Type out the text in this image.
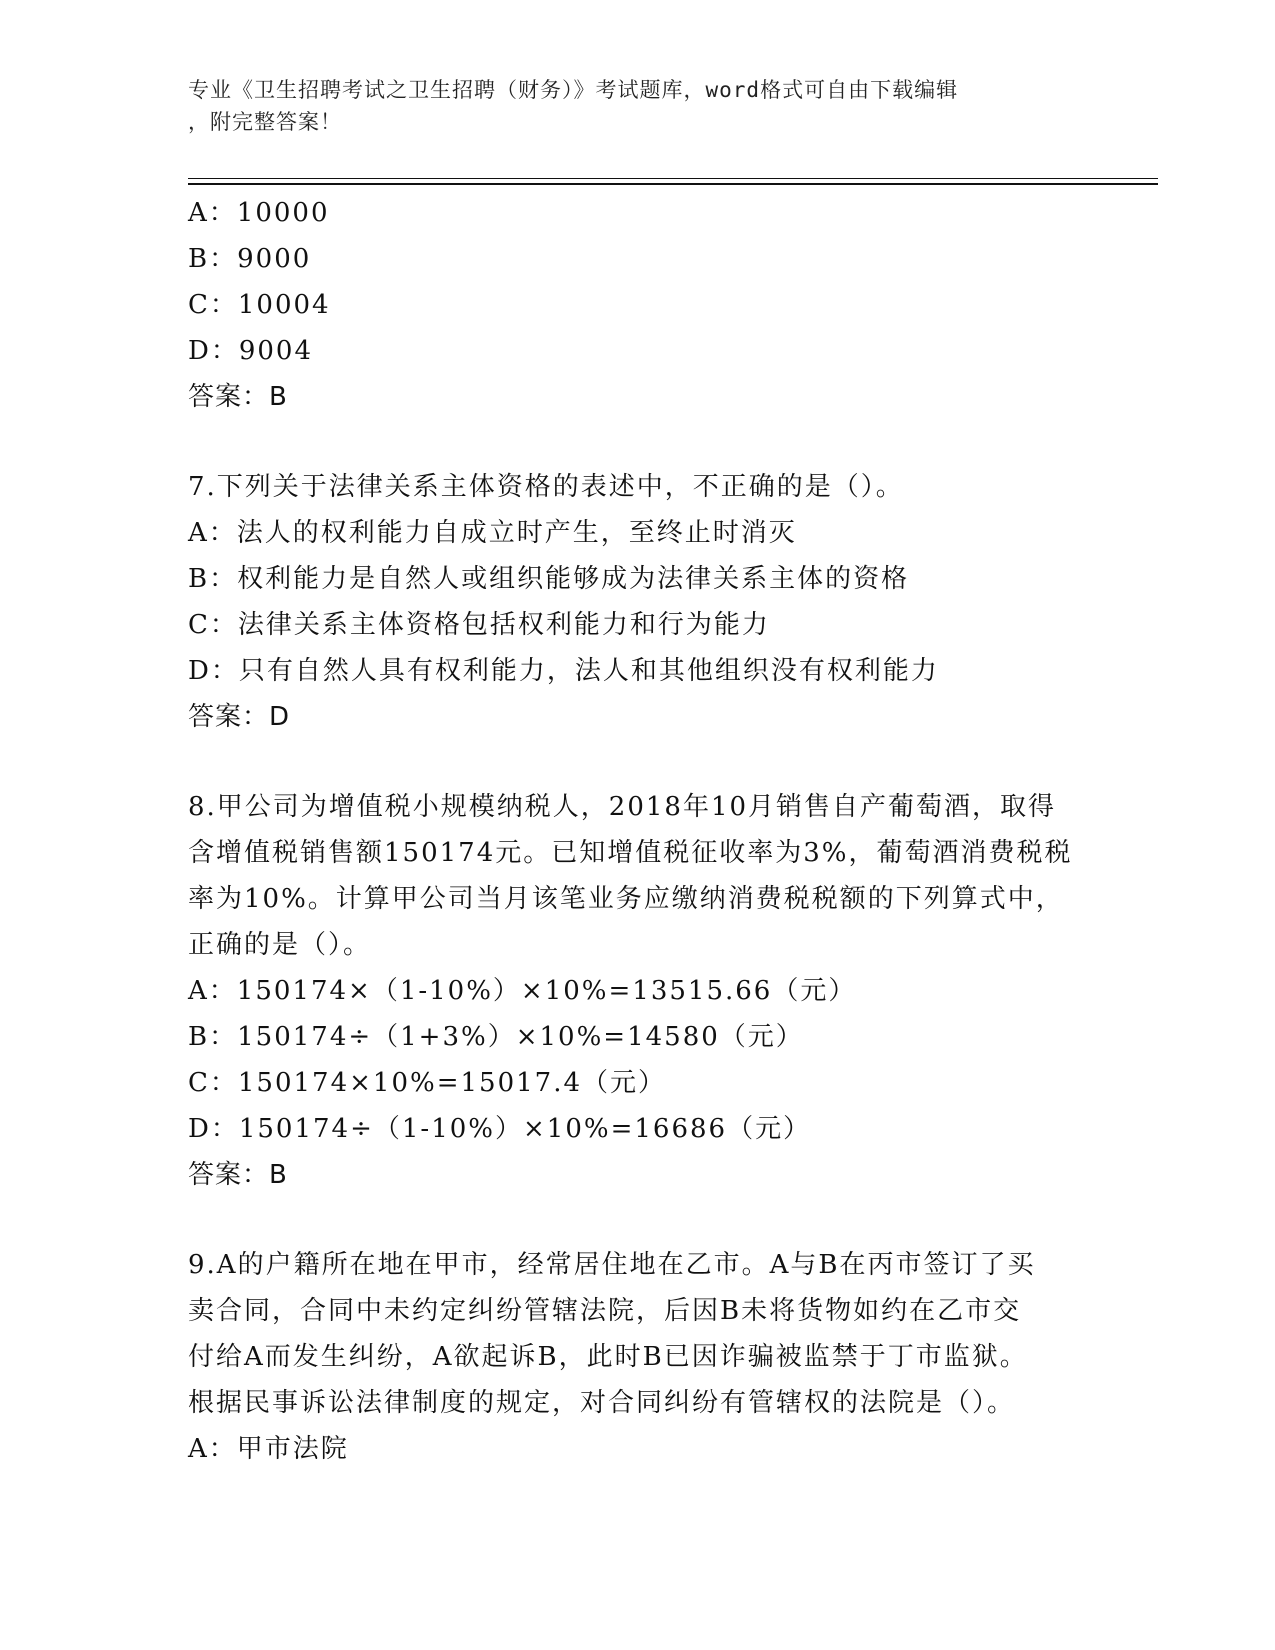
专业《卫生招聘考试之卫生招聘（财务）》考试题库，word格式可自由下载编辑
，附完整答案！
A：10000
B：9000
C：10004
D：9004
答案：B
7.下列关于法律关系主体资格的表述中，不正确的是（）。
A：法人的权利能力自成立时产生，至终止时消灭
B：权利能力是自然人或组织能够成为法律关系主体的资格
C：法律关系主体资格包括权利能力和行为能力
D：只有自然人具有权利能力，法人和其他组织没有权利能力
答案：D
8.甲公司为增值税小规模纳税人，2018年10月销售自产葡萄酒，取得
含增值税销售额150174元。已知增值税征收率为3%，葡萄酒消费税税
率为10%。计算甲公司当月该笔业务应缴纳消费税税额的下列算式中，
正确的是（）。
A：150174×（1-10%）×10%=13515.66（元）
B：150174÷（1+3%）×10%=14580（元）
C：150174×10%=15017.4（元）
D：150174÷（1-10%）×10%=16686（元）
答案：B
9.A的户籍所在地在甲市，经常居住地在乙市。A与B在丙市签订了买
卖合同，合同中未约定纠纷管辖法院，后因B未将货物如约在乙市交
付给A而发生纠纷，A欲起诉B，此时B已因诈骗被监禁于丁市监狱。
根据民事诉讼法律制度的规定，对合同纠纷有管辖权的法院是（）。
A：甲市法院
